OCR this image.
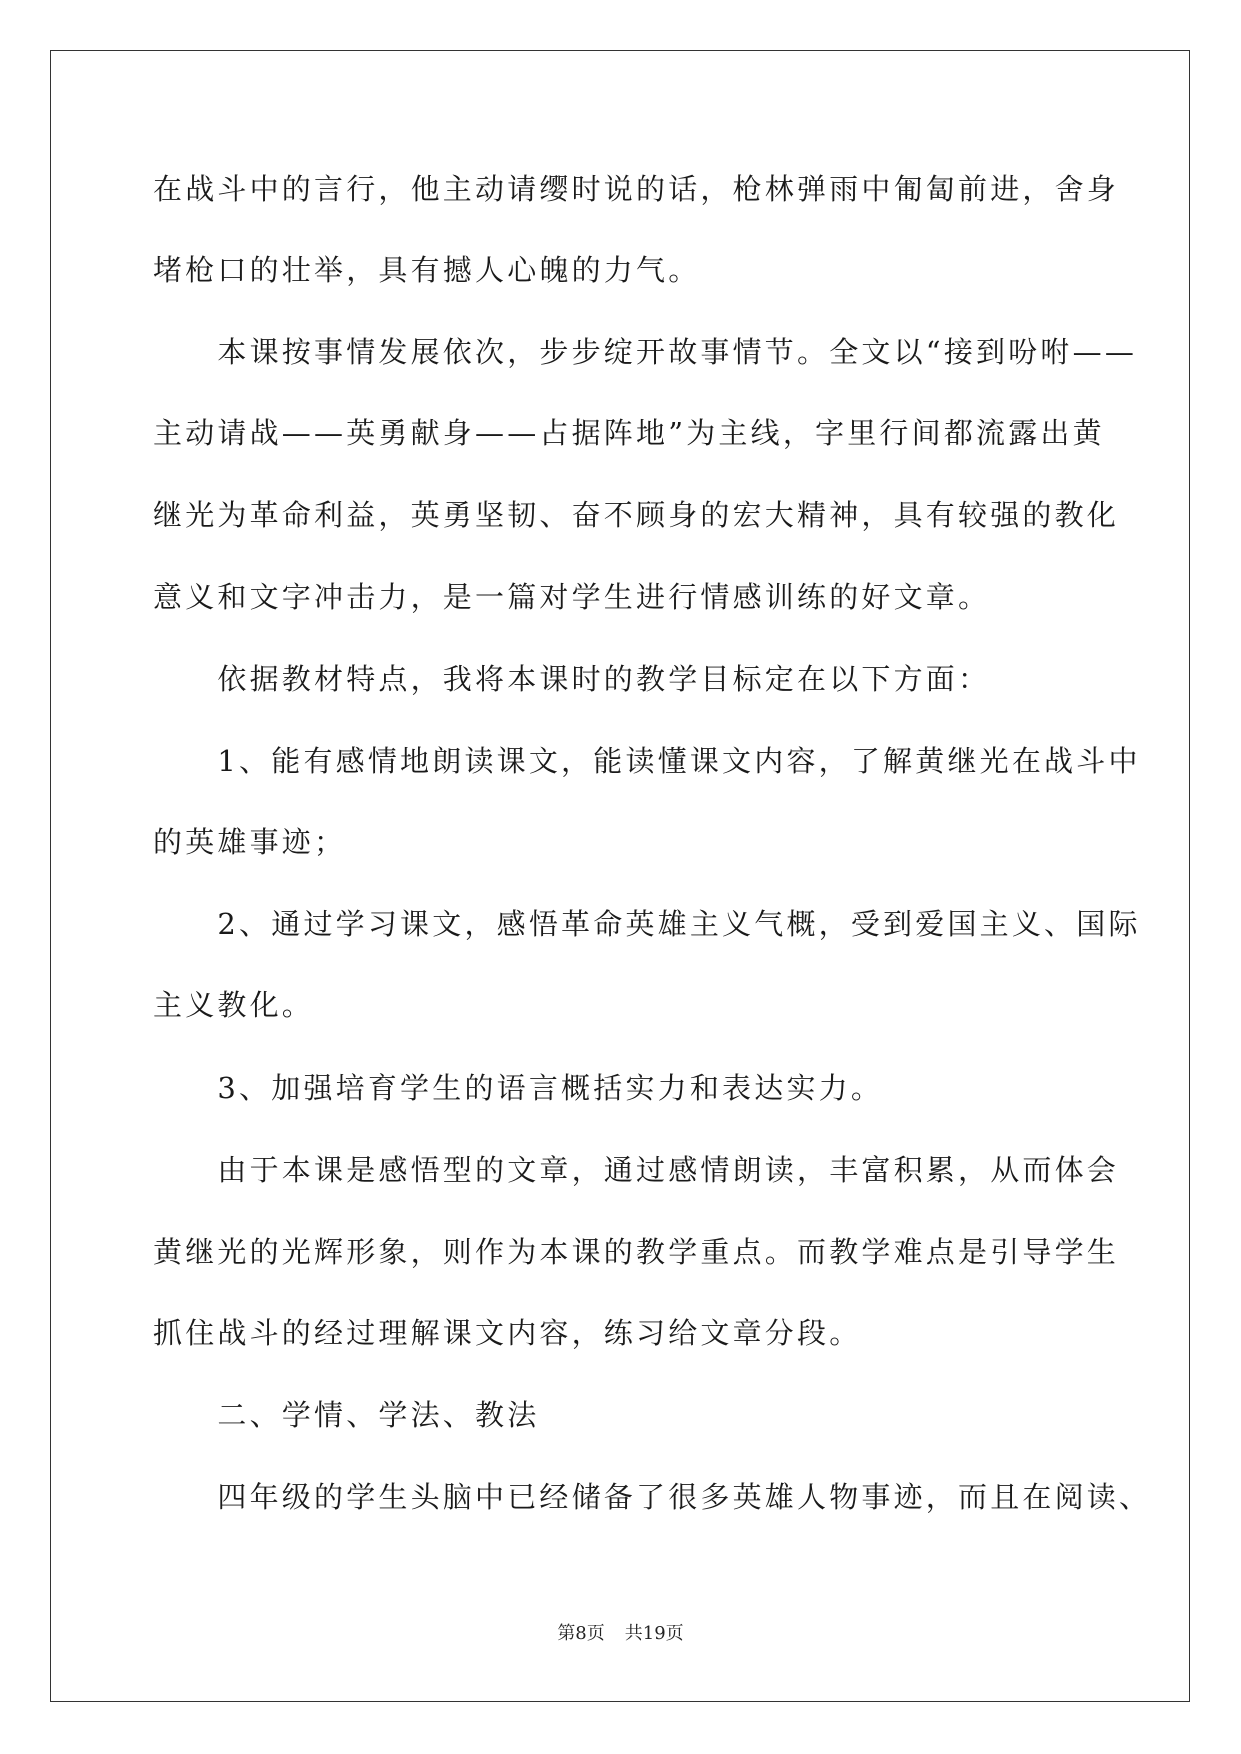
在战斗中的言行，他主动请缨时说的话，枪林弹雨中匍匐前进，舍身
堵枪口的壮举，具有撼人心魄的力气。
　　本课按事情发展依次，步步绽开故事情节。全文以“接到吩咐——
主动请战——英勇献身——占据阵地”为主线，字里行间都流露出黄
继光为革命利益，英勇坚韧、奋不顾身的宏大精神，具有较强的教化
意义和文字冲击力，是一篇对学生进行情感训练的好文章。
　　依据教材特点，我将本课时的教学目标定在以下方面：
　　1、能有感情地朗读课文，能读懂课文内容，了解黄继光在战斗中
的英雄事迹；
　　2、通过学习课文，感悟革命英雄主义气概，受到爱国主义、国际
主义教化。
　　3、加强培育学生的语言概括实力和表达实力。
　　由于本课是感悟型的文章，通过感情朗读，丰富积累，从而体会
黄继光的光辉形象，则作为本课的教学重点。而教学难点是引导学生
抓住战斗的经过理解课文内容，练习给文章分段。
　　二、学情、学法、教法
　　四年级的学生头脑中已经储备了很多英雄人物事迹，而且在阅读、
第8页 共19页
